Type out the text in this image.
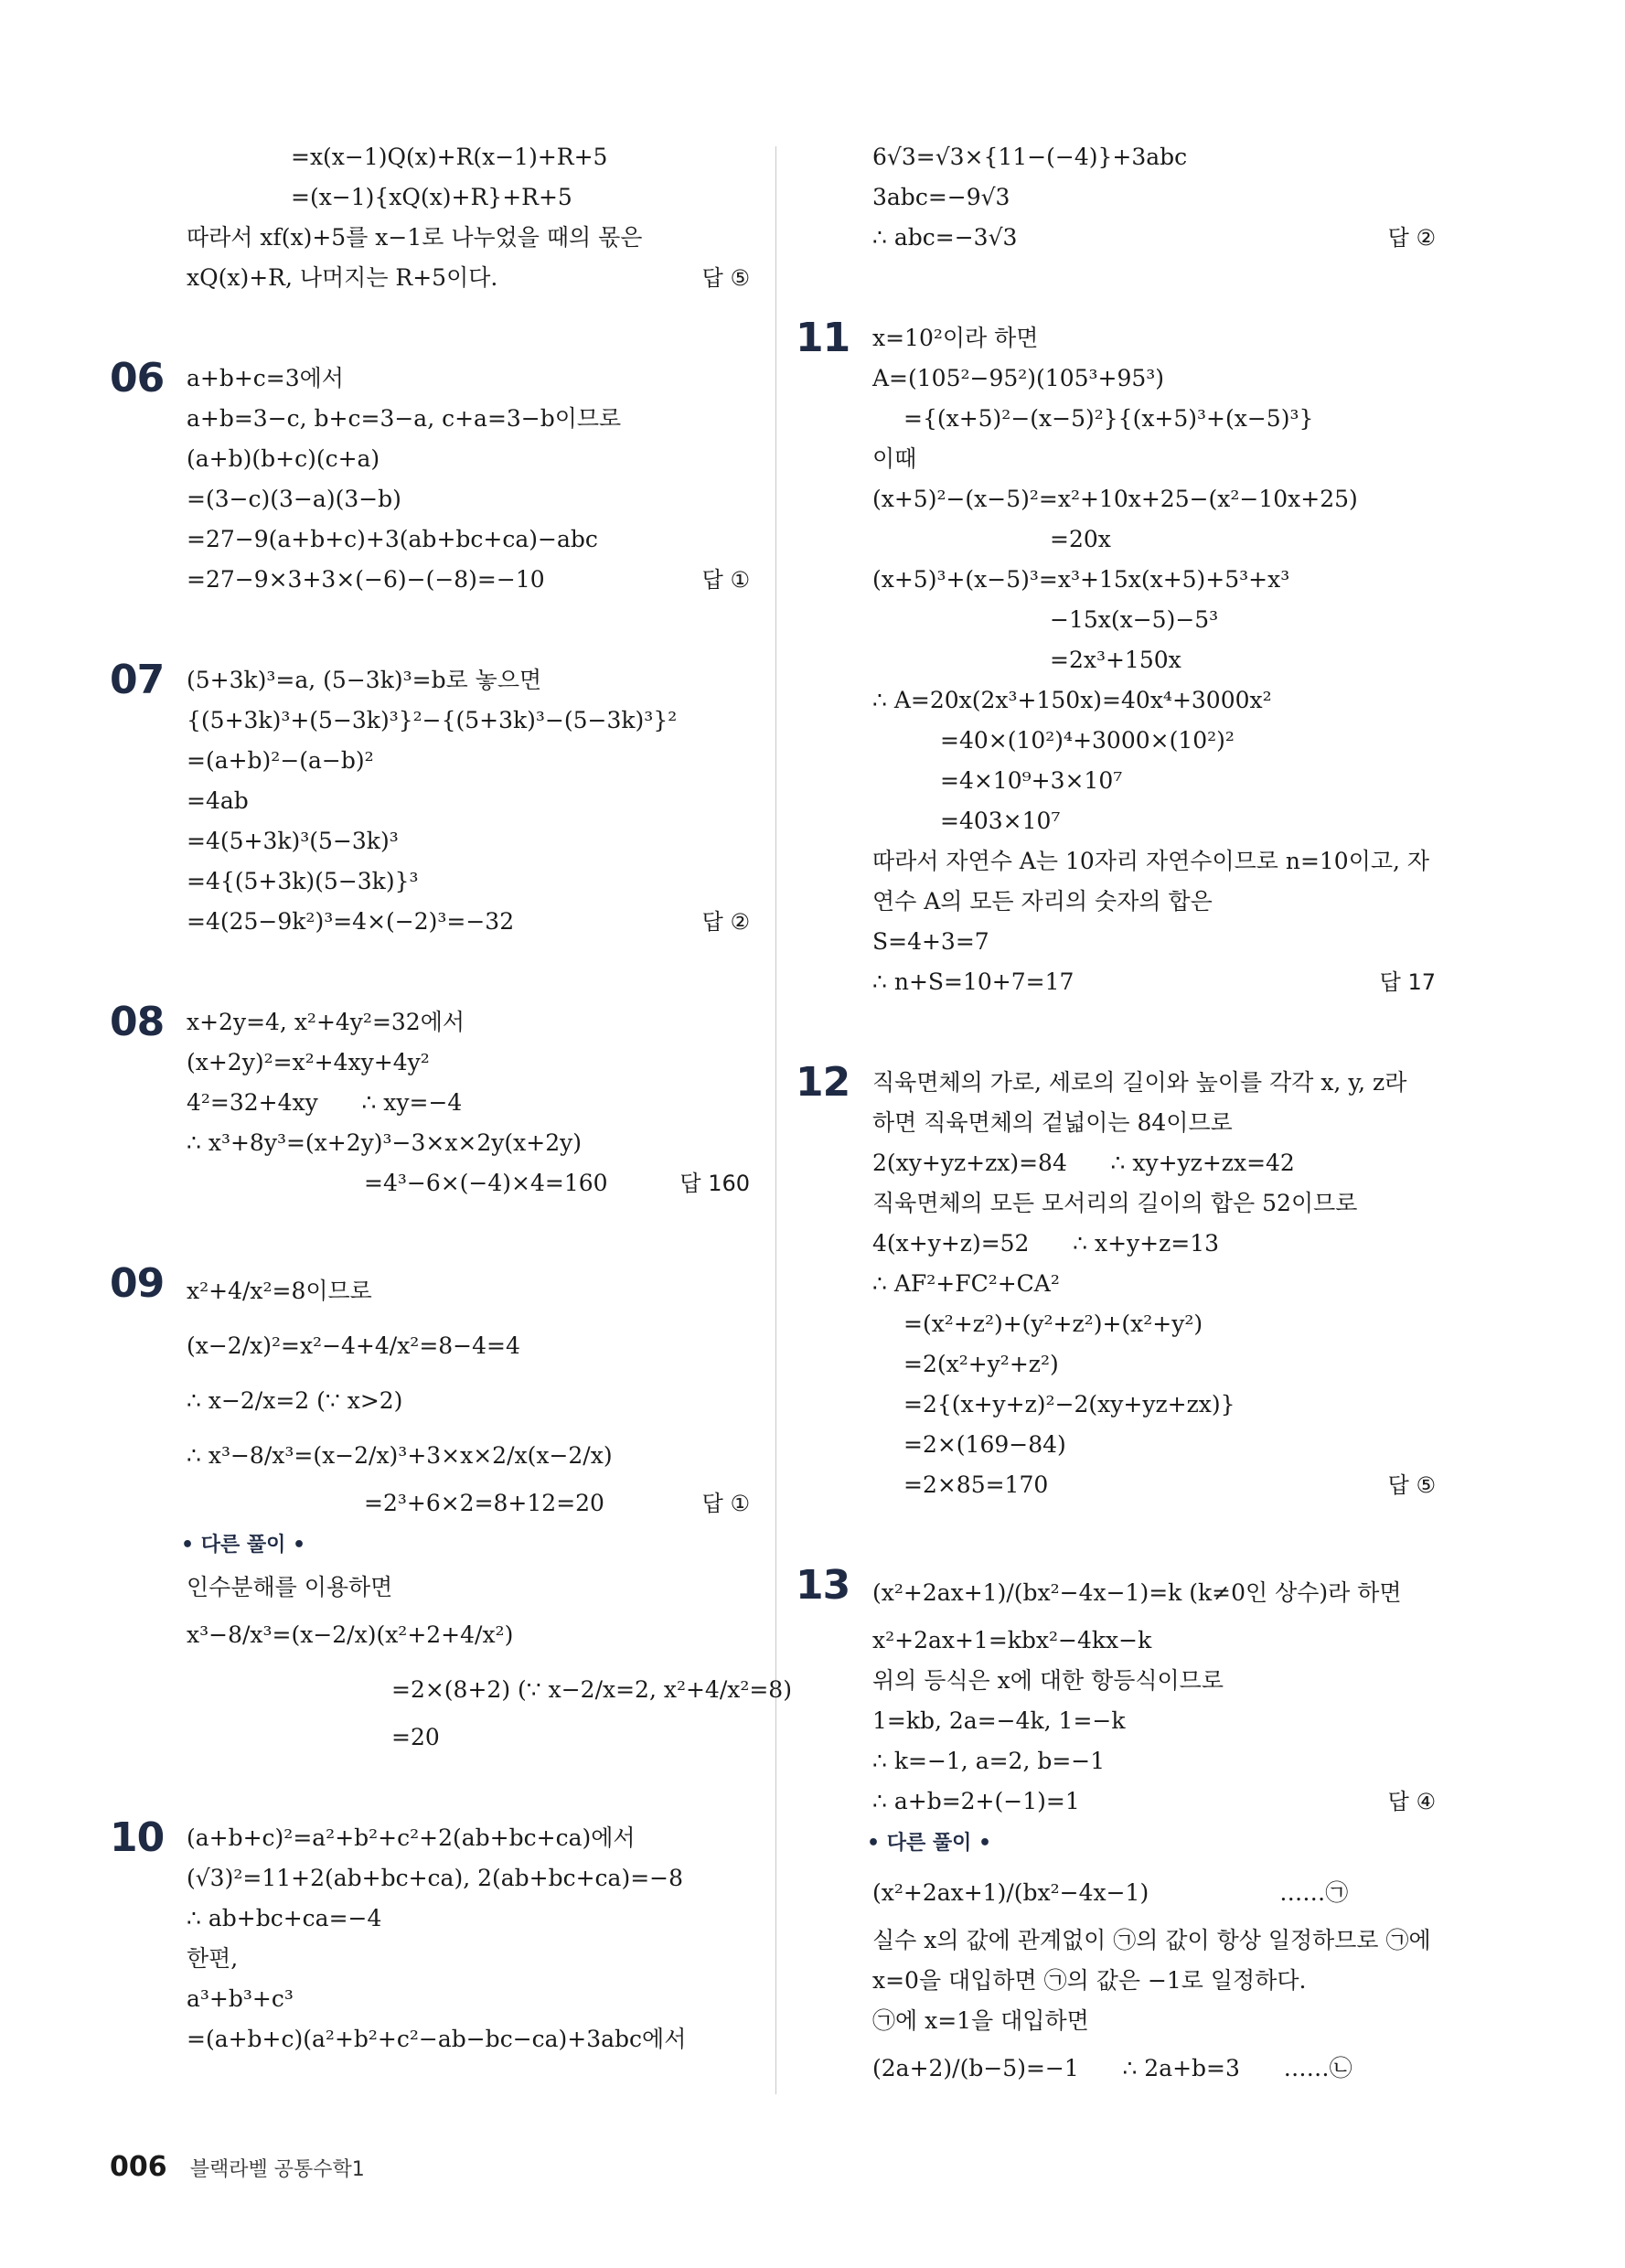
=x(x−1)Q(x)+R(x−1)+R+5
=(x−1){xQ(x)+R}+R+5
따라서 xf(x)+5를 x−1로 나누었을 때의 몫은
xQ(x)+R, 나머지는 R+5이다.	답 ⑤
06 a+b+c=3에서
a+b=3−c, b+c=3−a, c+a=3−b이므로
(a+b)(b+c)(c+a)
=(3−c)(3−a)(3−b)
=27−9(a+b+c)+3(ab+bc+ca)−abc
=27−9×3+3×(−6)−(−8)=−10	답 ①
07 (5+3k)³=a, (5−3k)³=b로 놓으면
{(5+3k)³+(5−3k)³}²−{(5+3k)³−(5−3k)³}²
=(a+b)²−(a−b)²
=4ab
=4(5+3k)³(5−3k)³
=4{(5+3k)(5−3k)}³
=4(25−9k²)³=4×(−2)³=−32	답 ②
08 x+2y=4, x²+4y²=32에서
(x+2y)²=x²+4xy+4y²
4²=32+4xy      ∴ xy=−4
∴ x³+8y³=(x+2y)³−3×x×2y(x+2y)
=4³−6×(−4)×4=160	답 160
09 x²+4/x²=8이므로
(x−2/x)²=x²−4+4/x²=8−4=4
∴ x−2/x=2 (∵ x>2)
∴ x³−8/x³=(x−2/x)³+3×x×2/x(x−2/x)
=2³+6×2=8+12=20	답 ①
• 다른 풀이 •
인수분해를 이용하면
x³−8/x³=(x−2/x)(x²+2+4/x²)
=2×(8+2) (∵ x−2/x=2, x²+4/x²=8)
=20
10 (a+b+c)²=a²+b²+c²+2(ab+bc+ca)에서
(√3)²=11+2(ab+bc+ca), 2(ab+bc+ca)=−8
∴ ab+bc+ca=−4
한편,
a³+b³+c³
=(a+b+c)(a²+b²+c²−ab−bc−ca)+3abc에서
6√3=√3×{11−(−4)}+3abc
3abc=−9√3
∴ abc=−3√3	답 ②
11 x=10²이라 하면
A=(105²−95²)(105³+95³)
={(x+5)²−(x−5)²}{(x+5)³+(x−5)³}
이때
(x+5)²−(x−5)²=x²+10x+25−(x²−10x+25)
=20x
(x+5)³+(x−5)³=x³+15x(x+5)+5³+x³
−15x(x−5)−5³
=2x³+150x
∴ A=20x(2x³+150x)=40x⁴+3000x²
=40×(10²)⁴+3000×(10²)²
=4×10⁹+3×10⁷
=403×10⁷
따라서 자연수 A는 10자리 자연수이므로 n=10이고, 자
연수 A의 모든 자리의 숫자의 합은
S=4+3=7
∴ n+S=10+7=17	답 17
12 직육면체의 가로, 세로의 길이와 높이를 각각 x, y, z라
하면 직육면체의 겉넓이는 84이므로
2(xy+yz+zx)=84      ∴ xy+yz+zx=42
직육면체의 모든 모서리의 길이의 합은 52이므로
4(x+y+z)=52      ∴ x+y+z=13
∴ AF²+FC²+CA²
=(x²+z²)+(y²+z²)+(x²+y²)
=2(x²+y²+z²)
=2{(x+y+z)²−2(xy+yz+zx)}
=2×(169−84)
=2×85=170	답 ⑤
13 (x²+2ax+1)/(bx²−4x−1)=k (k≠0인 상수)라 하면
x²+2ax+1=kbx²−4kx−k
위의 등식은 x에 대한 항등식이므로
1=kb, 2a=−4k, 1=−k
∴ k=−1, a=2, b=−1
∴ a+b=2+(−1)=1	답 ④
• 다른 풀이 •
(x²+2ax+1)/(bx²−4x−1)                  ……㉠
실수 x의 값에 관계없이 ㉠의 값이 항상 일정하므로 ㉠에
x=0을 대입하면 ㉠의 값은 −1로 일정하다.
㉠에 x=1을 대입하면
(2a+2)/(b−5)=−1      ∴ 2a+b=3      ……㉡
006 블랙라벨 공통수학1
